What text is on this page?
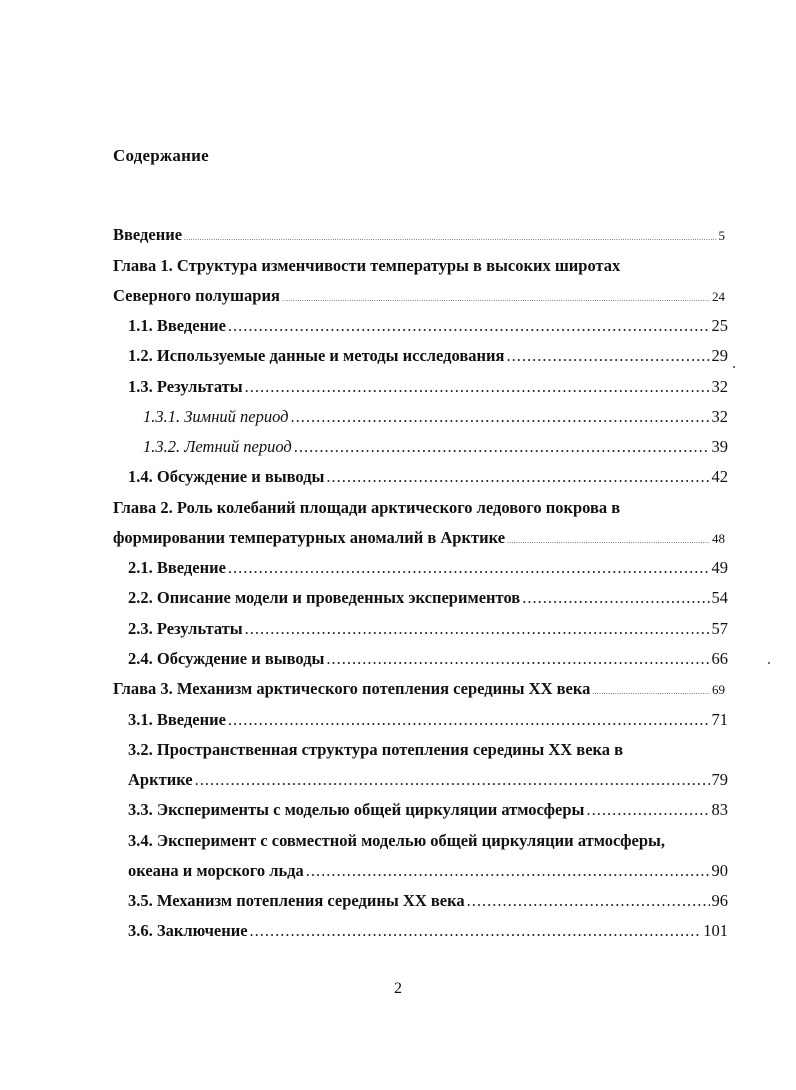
Содержание
Введение .....	5
Глава 1. Структура изменчивости температуры в высоких широтах
Северного полушария .....	24
1.1. Введение .....	25
1.2. Используемые данные и методы исследования .....	29
1.3. Результаты .....	32
1.3.1. Зимний период .....	32
1.3.2. Летний период .....	39
1.4. Обсуждение и выводы .....	42
Глава 2. Роль колебаний площади арктического ледового покрова в
формировании температурных аномалий в Арктике .....	48
2.1. Введение .....	49
2.2. Описание модели и проведенных экспериментов .....	54
2.3. Результаты .....	57
2.4. Обсуждение и выводы .....	66
Глава 3. Механизм арктического потепления середины XX века .....	69
3.1. Введение .....	71
3.2. Пространственная структура потепления середины XX века в
Арктике .....	79
3.3. Эксперименты с моделью общей циркуляции атмосферы .....	83
3.4. Эксперимент с совместной моделью общей циркуляции атмосферы,
океана и морского льда .....	90
3.5. Механизм потепления середины XX века .....	96
3.6. Заключение .....	101
2
